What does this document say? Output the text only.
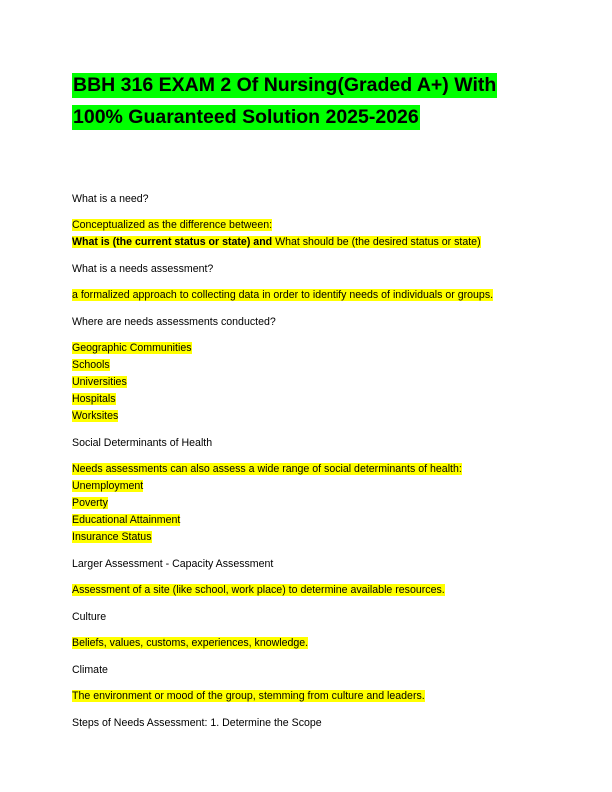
BBH 316 EXAM 2 Of Nursing(Graded A+) With
100% Guaranteed Solution 2025-2026

What is a need?

Conceptualized as the difference between:
What is (the current status or state) and What should be (the desired status or state)

What is a needs assessment?

a formalized approach to collecting data in order to identify needs of individuals or groups.

Where are needs assessments conducted?

Geographic Communities
Schools
Universities
Hospitals
Worksites

Social Determinants of Health

Needs assessments can also assess a wide range of social determinants of health:
Unemployment
Poverty
Educational Attainment
Insurance Status

Larger Assessment - Capacity Assessment

Assessment of a site (like school, work place) to determine available resources.

Culture

Beliefs, values, customs, experiences, knowledge.

Climate

The environment or mood of the group, stemming from culture and leaders.

Steps of Needs Assessment: 1. Determine the Scope
